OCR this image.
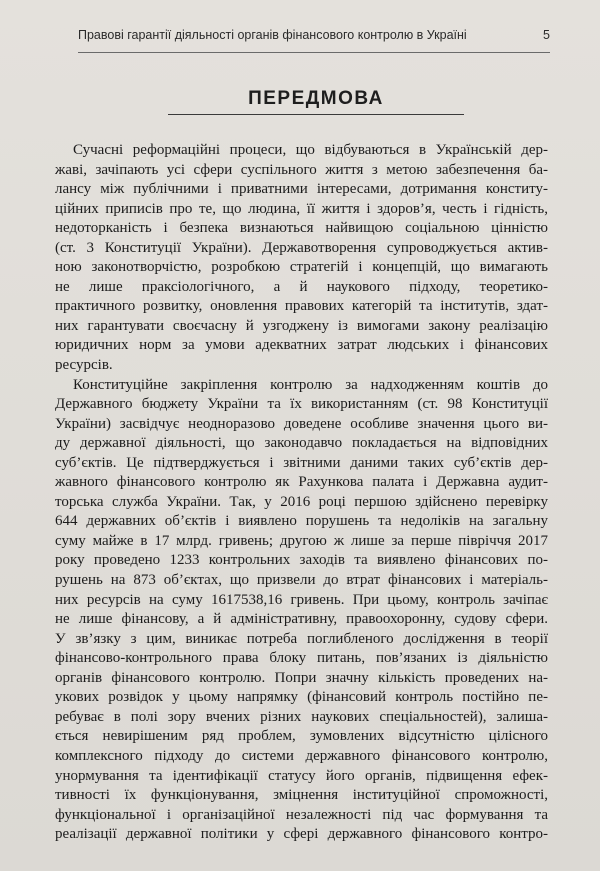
Правові гарантії діяльності органів фінансового контролю в Україні	5
ПЕРЕДМОВА
Сучасні реформаційні процеси, що відбуваються в Українській дер-
жаві, зачіпають усі сфери суспільного життя з метою забезпечення ба-
лансу між публічними і приватними інтересами, дотримання конститу-
ційних приписів про те, що людина, її життя і здоров’я, честь і гідність,
недоторканість і безпека визнаються найвищою соціальною цінністю
(ст. 3 Конституції України). Державотворення супроводжується актив-
ною законотворчістю, розробкою стратегій і концепцій, що вимагають
не лише праксіологічного, а й наукового підходу, теоретико-
практичного розвитку, оновлення правових категорій та інститутів, здат-
них гарантувати своєчасну й узгоджену із вимогами закону реалізацію
юридичних норм за умови адекватних затрат людських і фінансових
ресурсів.
Конституційне закріплення контролю за надходженням коштів до
Державного бюджету України та їх використанням (ст. 98 Конституції
України) засвідчує неодноразово доведене особливе значення цього ви-
ду державної діяльності, що законодавчо покладається на відповідних
суб’єктів. Це підтверджується і звітними даними таких суб’єктів дер-
жавного фінансового контролю як Рахункова палата і Державна аудит-
торська служба України. Так, у 2016 році першою здійснено перевірку
644 державних об’єктів і виявлено порушень та недоліків на загальну
суму майже в 17 млрд. гривень; другою ж лише за перше півріччя 2017
року проведено 1233 контрольних заходів та виявлено фінансових по-
рушень на 873 об’єктах, що призвели до втрат фінансових і матеріаль-
них ресурсів на суму 1617538,16 гривень. При цьому, контроль зачіпає
не лише фінансову, а й адміністративну, правоохоронну, судову сфери.
У зв’язку з цим, виникає потреба поглибленого дослідження в теорії
фінансово-контрольного права блоку питань, пов’язаних із діяльністю
органів фінансового контролю. Попри значну кількість проведених на-
укових розвідок у цьому напрямку (фінансовий контроль постійно пе-
ребуває в полі зору вчених різних наукових спеціальностей), залиша-
ється невирішеним ряд проблем, зумовлених відсутністю цілісного
комплексного підходу до системи державного фінансового контролю,
унормування та ідентифікації статусу його органів, підвищення ефек-
тивності їх функціонування, зміцнення інституційної спроможності,
функціональної і організаційної незалежності під час формування та
реалізації державної політики у сфері державного фінансового контро-
